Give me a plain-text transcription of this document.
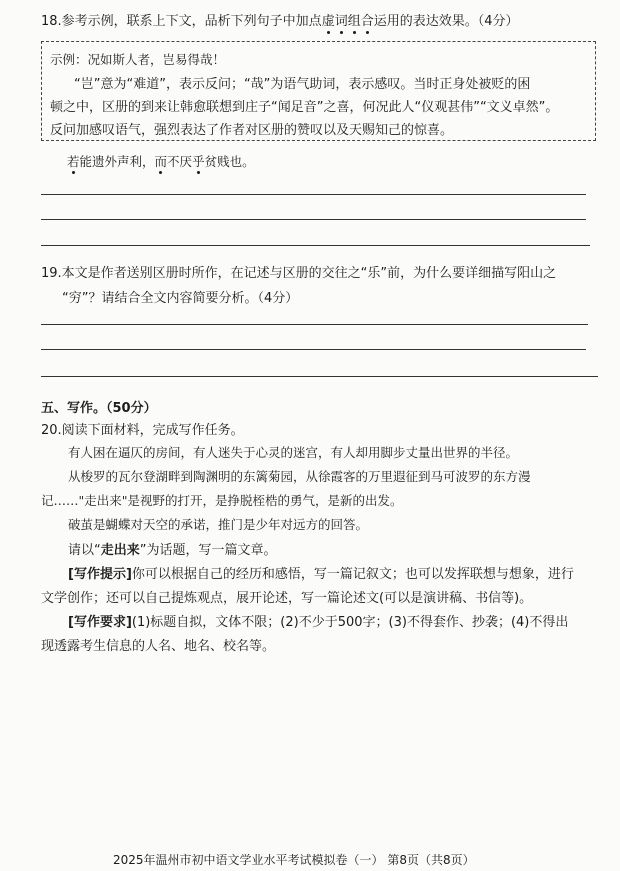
18.参考示例，联系上下文，品析下列句子中加点虚词组合运用的表达效果。（4分）
示例：况如斯人者，岂易得哉！
“岂”意为“难道”，表示反问；“哉”为语气助词，表示感叹。当时正身处被贬的困
顿之中，区册的到来让韩愈联想到庄子“闻足音”之喜，何况此人“仪观甚伟”“文义卓然”。
反问加感叹语气，强烈表达了作者对区册的赞叹以及天赐知己的惊喜。
若能遗外声利，而不厌乎贫贱也。
19.本文是作者送别区册时所作，在记述与区册的交往之“乐”前，为什么要详细描写阳山之
“穷”？请结合全文内容简要分析。（4分）
五、写作。（50分）
20.阅读下面材料，完成写作任务。
有人困在逼仄的房间，有人迷失于心灵的迷宫，有人却用脚步丈量出世界的半径。
从梭罗的瓦尔登湖畔到陶渊明的东篱菊园，从徐霞客的万里遐征到马可波罗的东方漫
记……"走出来"是视野的打开，是挣脱桎梏的勇气，是新的出发。
破茧是蝴蝶对天空的承诺，推门是少年对远方的回答。
请以“走出来”为话题，写一篇文章。
[写作提示]你可以根据自己的经历和感悟，写一篇记叙文；也可以发挥联想与想象，进行
文学创作；还可以自己提炼观点，展开论述，写一篇论述文(可以是演讲稿、书信等)。
[写作要求](1)标题自拟，文体不限；(2)不少于500字；(3)不得套作、抄袭；(4)不得出
现透露考生信息的人名、地名、校名等。
2025年温州市初中语文学业水平考试模拟卷（一） 第8页（共8页）
